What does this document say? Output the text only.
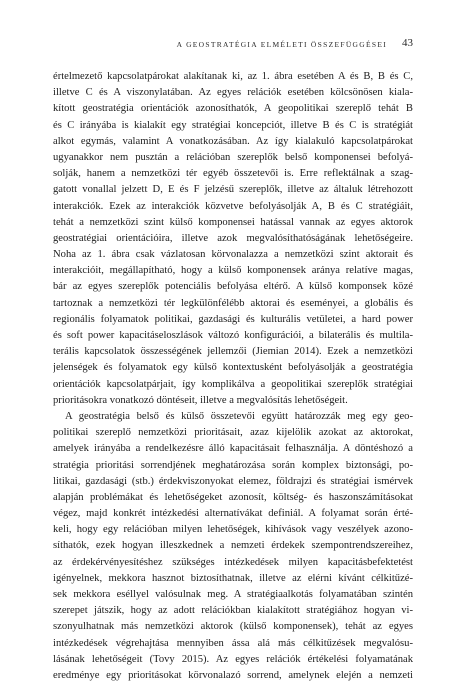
A GEOSTRATÉGIA ELMÉLETI ÖSSZEFÜGGÉSEI	43
értelmezető kapcsolatpárokat alakítanak ki, az 1. ábra esetében A és B, B és C,
illetve C és A viszonylatában. Az egyes relációk esetében kölcsönösen kiala-
kított geostratégia orientációk azonosíthatók, A geopolitikai szereplő tehát B
és C irányába is kialakít egy stratégiai koncepciót, illetve B és C is stratégiát
alkot egymás, valamint A vonatkozásában. Az így kialakuló kapcsolatpárokat
ugyanakkor nem pusztán a relációban szereplők belső komponensei befolyá-
solják, hanem a nemzetközi tér egyéb összetevői is. Erre reflektálnak a szag-
gatott vonallal jelzett D, E és F jelzésű szereplők, illetve az általuk létrehozott
interakciók. Ezek az interakciók közvetve befolyásolják A, B és C stratégiáit,
tehát a nemzetközi szint külső komponensei hatással vannak az egyes aktorok
geostratégiai orientációira, illetve azok megvalósíthatóságának lehetőségeire.
Noha az 1. ábra csak vázlatosan körvonalazza a nemzetközi szint aktorait és
interakcióit, megállapítható, hogy a külső komponensek aránya relatíve magas,
bár az egyes szereplők potenciális befolyása eltérő. A külső komponsek közé
tartoznak a nemzetközi tér legkülönfélébb aktorai és eseményei, a globális és
regionális folyamatok politikai, gazdasági és kulturális vetületei, a hard power
és soft power kapacitáseloszlások változó konfigurációi, a bilaterális és multila-
terális kapcsolatok összességének jellemzői (Jiemian 2014). Ezek a nemzetközi
jelenségek és folyamatok egy külső kontextusként befolyásolják a geostratégia
orientációk kapcsolatpárjait, így komplikálva a geopolitikai szereplők stratégiai
prioritásokra vonatkozó döntéseit, illetve a megvalósítás lehetőségeit.
A geostratégia belső és külső összetevői együtt határozzák meg egy geo-
politikai szereplő nemzetközi prioritásait, azaz kijelölik azokat az aktorokat,
amelyek irányába a rendelkezésre álló kapacitásait felhasználja. A döntéshozó a
stratégia prioritási sorrendjének meghatározása során komplex biztonsági, po-
litikai, gazdasági (stb.) érdekviszonyokat elemez, földrajzi és stratégiai ismérvek
alapján problémákat és lehetőségeket azonosít, költség- és haszonszámításokat
végez, majd konkrét intézkedési alternatívákat definiál. A folyamat során érté-
keli, hogy egy relációban milyen lehetőségek, kihívások vagy veszélyek azono-
síthatók, ezek hogyan illeszkednek a nemzeti érdekek szempontrendszereihez,
az érdekérvényesítéshez szükséges intézkedések milyen kapacitásbefektetést
igényelnek, mekkora hasznot biztosíthatnak, illetve az elérni kívánt célkitűzé-
sek mekkora eséllyel valósulnak meg. A stratégiaalkotás folyamatában szintén
szerepet játszik, hogy az adott relációkban kialakított stratégiához hogyan vi-
szonyulhatnak más nemzetközi aktorok (külső komponensek), tehát az egyes
intézkedések végrehajtása mennyiben ássa alá más célkitűzések megvalósu-
lásának lehetőségeit (Tovy 2015). Az egyes relációk értékelési folyamatának
eredménye egy prioritásokat körvonalazó sorrend, amelynek elején a nemzeti
